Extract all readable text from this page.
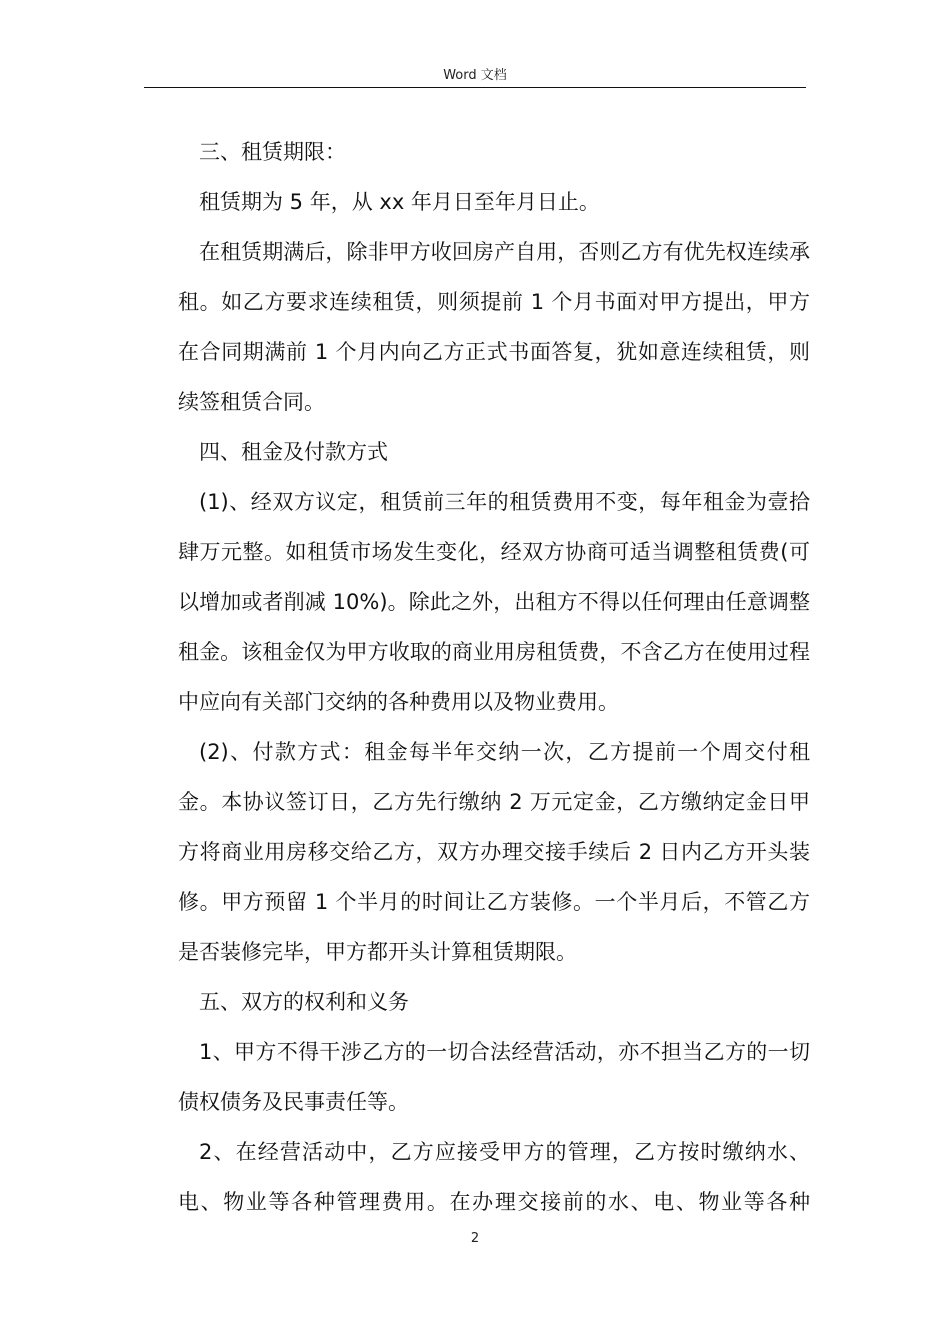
Word 文档

三、租赁期限：

租赁期为 5 年，从 xx 年月日至年月日止。

在租赁期满后，除非甲方收回房产自用，否则乙方有优先权连续承租。如乙方要求连续租赁，则须提前 1 个月书面对甲方提出，甲方在合同期满前 1 个月内向乙方正式书面答复，犹如意连续租赁，则续签租赁合同。

四、租金及付款方式

(1)、经双方议定，租赁前三年的租赁费用不变，每年租金为壹拾肆万元整。如租赁市场发生变化，经双方协商可适当调整租赁费(可以增加或者削减 10%)。除此之外，出租方不得以任何理由任意调整租金。该租金仅为甲方收取的商业用房租赁费，不含乙方在使用过程中应向有关部门交纳的各种费用以及物业费用。

(2)、付款方式：租金每半年交纳一次，乙方提前一个周交付租金。本协议签订日，乙方先行缴纳 2 万元定金，乙方缴纳定金日甲方将商业用房移交给乙方，双方办理交接手续后 2 日内乙方开头装修。甲方预留 1 个半月的时间让乙方装修。一个半月后，不管乙方是否装修完毕，甲方都开头计算租赁期限。

五、双方的权利和义务

1、甲方不得干涉乙方的一切合法经营活动，亦不担当乙方的一切债权债务及民事责任等。

2、在经营活动中，乙方应接受甲方的管理，乙方按时缴纳水、电、物业等各种管理费用。在办理交接前的水、电、物业等各种

2
